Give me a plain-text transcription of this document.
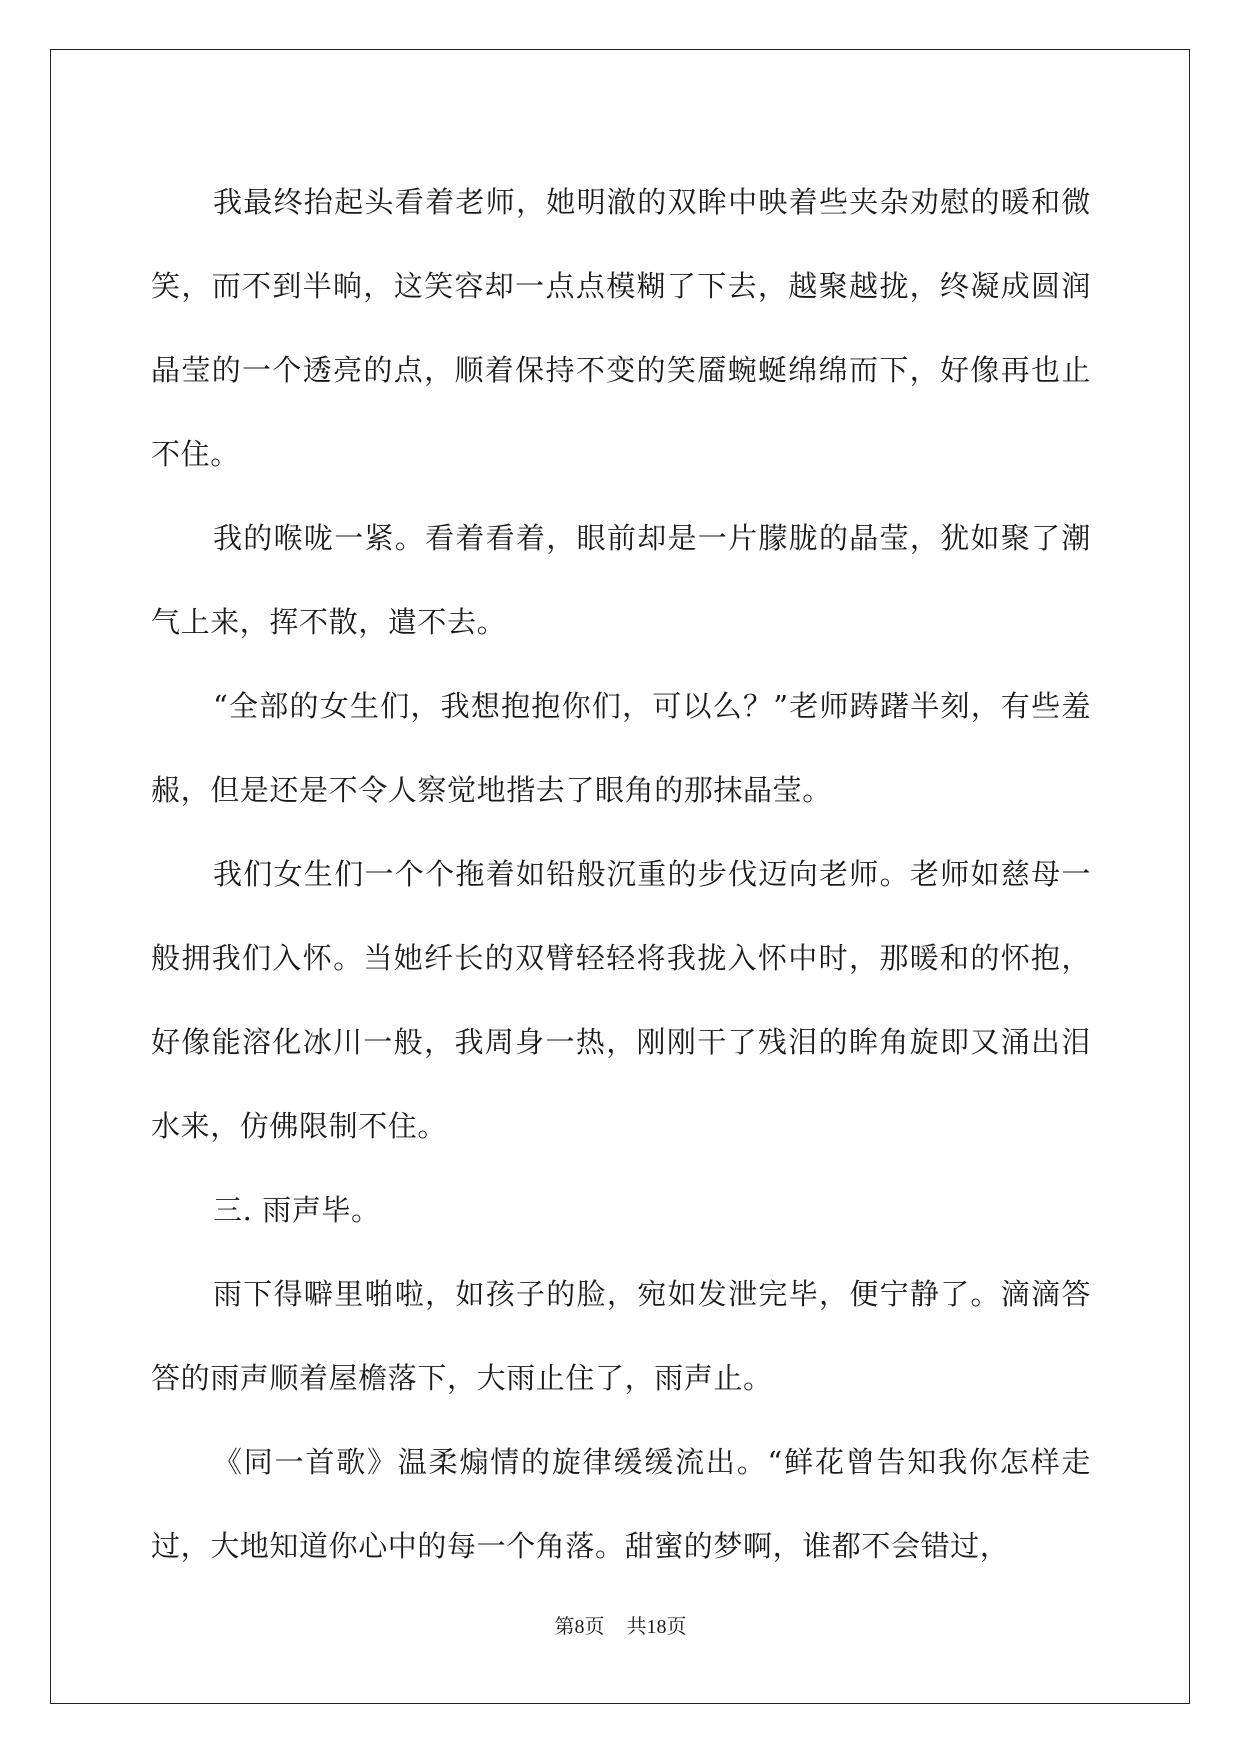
我最终抬起头看着老师，她明澈的双眸中映着些夹杂劝慰的暖和微笑，而不到半晌，这笑容却一点点模糊了下去，越聚越拢，终凝成圆润晶莹的一个透亮的点，顺着保持不变的笑靥蜿蜒绵绵而下，好像再也止不住。

我的喉咙一紧。看着看着，眼前却是一片朦胧的晶莹，犹如聚了潮气上来，挥不散，遣不去。

“全部的女生们，我想抱抱你们，可以么？”老师踌躇半刻，有些羞赧，但是还是不令人察觉地揩去了眼角的那抹晶莹。

我们女生们一个个拖着如铅般沉重的步伐迈向老师。老师如慈母一般拥我们入怀。当她纤长的双臂轻轻将我拢入怀中时，那暖和的怀抱，好像能溶化冰川一般，我周身一热，刚刚干了残泪的眸角旋即又涌出泪水来，仿佛限制不住。

三. 雨声毕。

雨下得噼里啪啦，如孩子的脸，宛如发泄完毕，便宁静了。滴滴答答的雨声顺着屋檐落下，大雨止住了，雨声止。

《同一首歌》温柔煽情的旋律缓缓流出。“鲜花曾告知我你怎样走过，大地知道你心中的每一个角落。甜蜜的梦啊，谁都不会错过，

第8页 共18页
